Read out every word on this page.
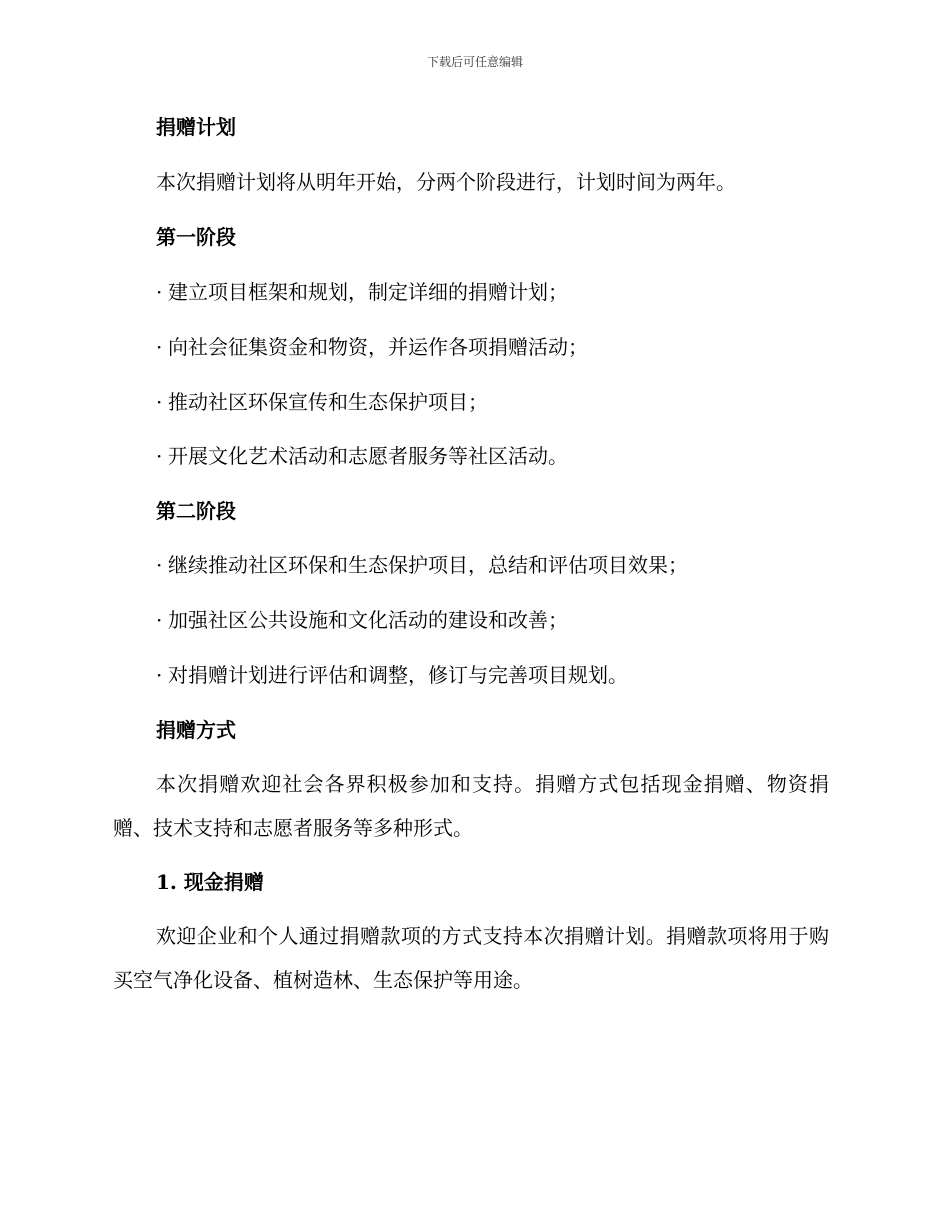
下载后可任意编辑
捐赠计划
本次捐赠计划将从明年开始，分两个阶段进行，计划时间为两年。
第一阶段
· 建立项目框架和规划，制定详细的捐赠计划；
· 向社会征集资金和物资，并运作各项捐赠活动；
· 推动社区环保宣传和生态保护项目；
· 开展文化艺术活动和志愿者服务等社区活动。
第二阶段
· 继续推动社区环保和生态保护项目，总结和评估项目效果；
· 加强社区公共设施和文化活动的建设和改善；
· 对捐赠计划进行评估和调整，修订与完善项目规划。
捐赠方式
本次捐赠欢迎社会各界积极参加和支持。捐赠方式包括现金捐赠、物资捐赠、技术支持和志愿者服务等多种形式。
1. 现金捐赠
欢迎企业和个人通过捐赠款项的方式支持本次捐赠计划。捐赠款项将用于购买空气净化设备、植树造林、生态保护等用途。
